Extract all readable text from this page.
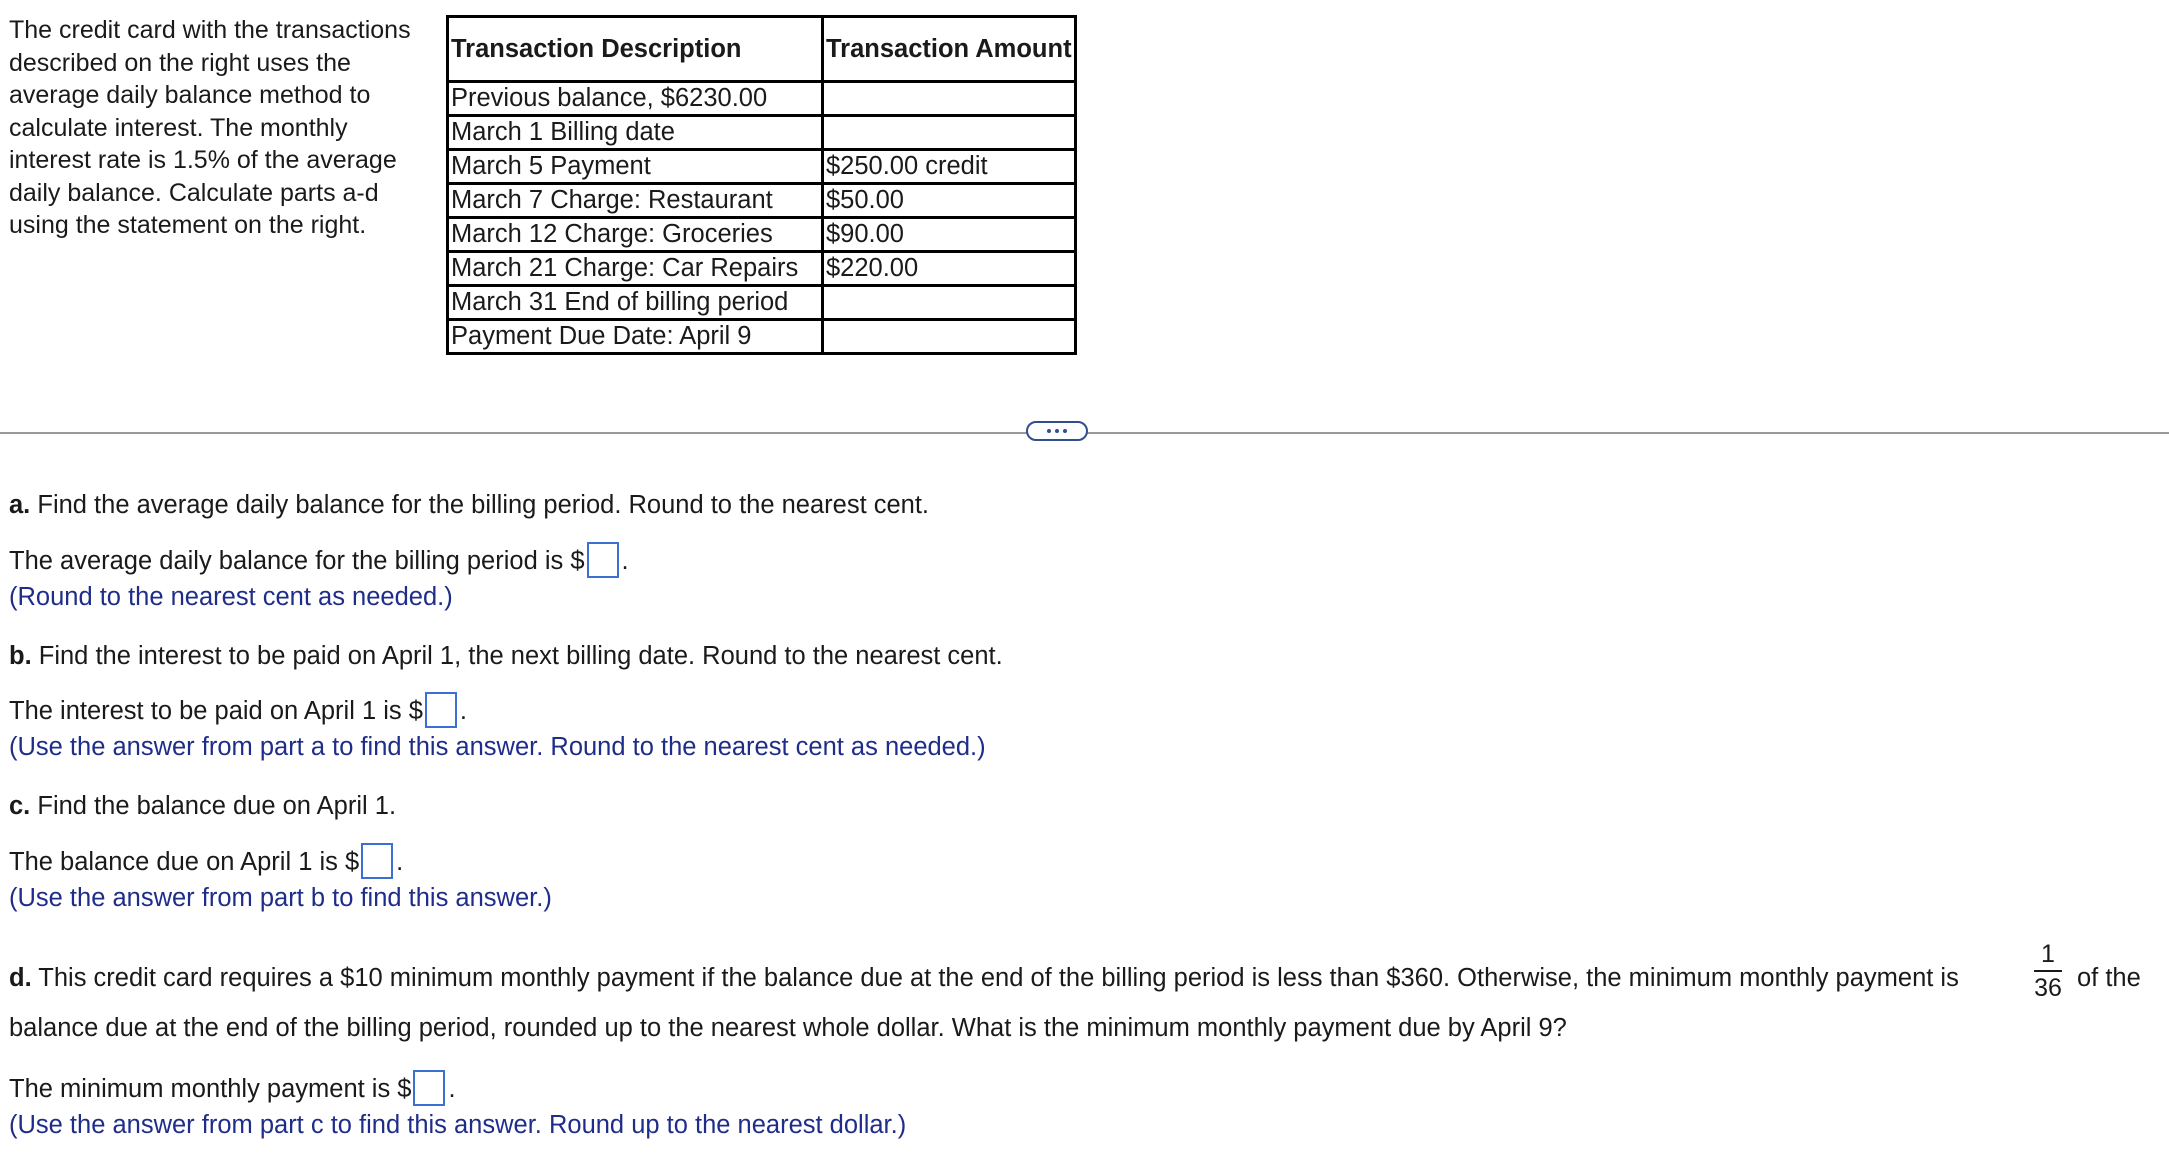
The credit card with the transactions described on the right uses the average daily balance method to calculate interest. The monthly interest rate is 1.5% of the average daily balance. Calculate parts a-d using the statement on the right.
Transaction Description	Transaction Amount
Previous balance, $6230.00	
March 1 Billing date	
March 5 Payment	$250.00 credit
March 7 Charge: Restaurant	$50.00
March 12 Charge: Groceries	$90.00
March 21 Charge: Car Repairs	$220.00
March 31 End of billing period	
Payment Due Date: April 9	
a. Find the average daily balance for the billing period. Round to the nearest cent.
The average daily balance for the billing period is $ .
(Round to the nearest cent as needed.)
b. Find the interest to be paid on April 1, the next billing date. Round to the nearest cent.
The interest to be paid on April 1 is $ .
(Use the answer from part a to find this answer. Round to the nearest cent as needed.)
c. Find the balance due on April 1.
The balance due on April 1 is $ .
(Use the answer from part b to find this answer.)
d. This credit card requires a $10 minimum monthly payment if the balance due at the end of the billing period is less than $360. Otherwise, the minimum monthly payment is
1
36 of the
balance due at the end of the billing period, rounded up to the nearest whole dollar. What is the minimum monthly payment due by April 9?
The minimum monthly payment is $ .
(Use the answer from part c to find this answer. Round up to the nearest dollar.)
